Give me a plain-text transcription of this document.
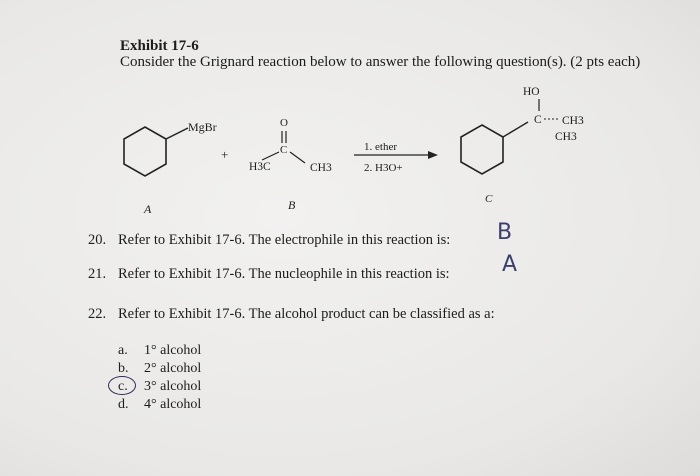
Exhibit 17-6
Consider the Grignard reaction below to answer the following question(s). (2 pts each)
MgBr
+
O
C
H3C	CH3
1. ether
2. H3O+
HO
C CH3
CH3
A	B	C
20. Refer to Exhibit 17-6. The electrophile in this reaction is: B
21. Refer to Exhibit 17-6. The nucleophile in this reaction is: A
22. Refer to Exhibit 17-6. The alcohol product can be classified as a:
a. 1° alcohol
b. 2° alcohol
c. 3° alcohol
d. 4° alcohol
